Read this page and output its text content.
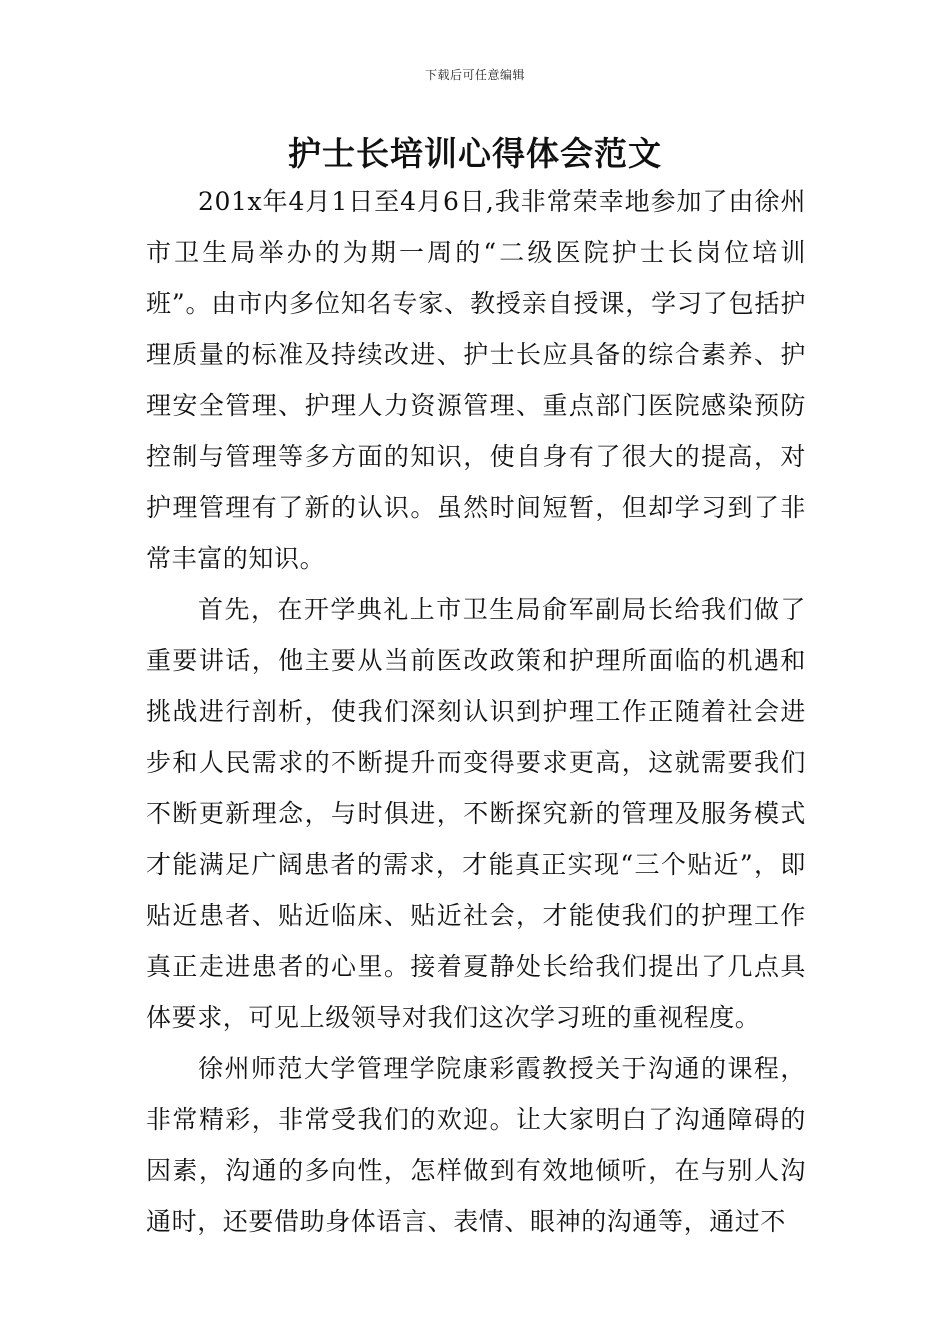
下载后可任意编辑
护士长培训心得体会范文

201x年4月1日至4月6日,我非常荣幸地参加了由徐州市卫生局举办的为期一周的“二级医院护士长岗位培训班”。由市内多位知名专家、教授亲自授课，学习了包括护理质量的标准及持续改进、护士长应具备的综合素养、护理安全管理、护理人力资源管理、重点部门医院感染预防控制与管理等多方面的知识，使自身有了很大的提高，对护理管理有了新的认识。虽然时间短暂，但却学习到了非常丰富的知识。

首先，在开学典礼上市卫生局俞军副局长给我们做了重要讲话，他主要从当前医改政策和护理所面临的机遇和挑战进行剖析，使我们深刻认识到护理工作正随着社会进步和人民需求的不断提升而变得要求更高，这就需要我们不断更新理念，与时俱进，不断探究新的管理及服务模式才能满足广阔患者的需求，才能真正实现“三个贴近”，即贴近患者、贴近临床、贴近社会，才能使我们的护理工作真正走进患者的心里。接着夏静处长给我们提出了几点具体要求，可见上级领导对我们这次学习班的重视程度。

徐州师范大学管理学院康彩霞教授关于沟通的课程，非常精彩，非常受我们的欢迎。让大家明白了沟通障碍的因素，沟通的多向性，怎样做到有效地倾听，在与别人沟通时，还要借助身体语言、表情、眼神的沟通等，通过不
